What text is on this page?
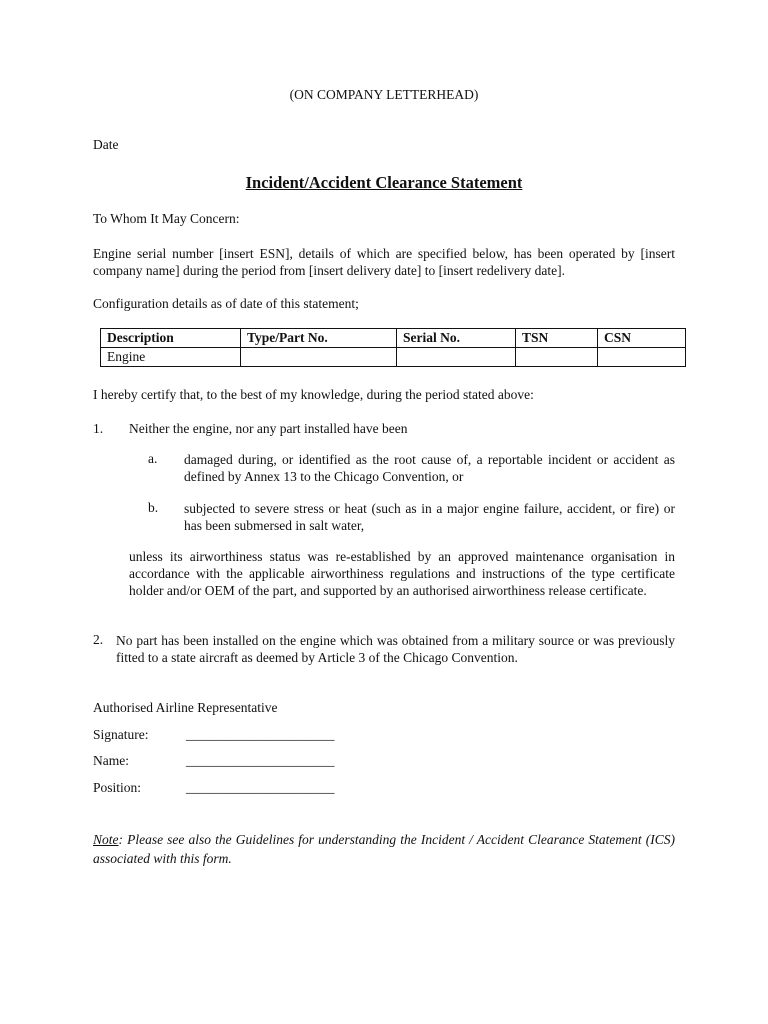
(ON COMPANY LETTERHEAD)
Date
Incident/Accident Clearance Statement
To Whom It May Concern:
Engine serial number [insert ESN], details of which are specified below, has been operated by [insert company name] during the period from [insert delivery date] to [insert redelivery date].
Configuration details as of date of this statement;
Description	Type/Part No.	Serial No.	TSN	CSN
Engine				
I hereby certify that, to the best of my knowledge, during the period stated above:
1. Neither the engine, nor any part installed have been
a. damaged during, or identified as the root cause of, a reportable incident or accident as defined by Annex 13 to the Chicago Convention, or
b. subjected to severe stress or heat (such as in a major engine failure, accident, or fire) or has been submersed in salt water,
unless its airworthiness status was re-established by an approved maintenance organisation in accordance with the applicable airworthiness regulations and instructions of the type certificate holder and/or OEM of the part, and supported by an authorised airworthiness release certificate.
2. No part has been installed on the engine which was obtained from a military source or was previously fitted to a state aircraft as deemed by Article 3 of the Chicago Convention.
Authorised Airline Representative
Signature:	______________________
Name:	______________________
Position:	______________________
Note: Please see also the Guidelines for understanding the Incident / Accident Clearance Statement (ICS) associated with this form.
